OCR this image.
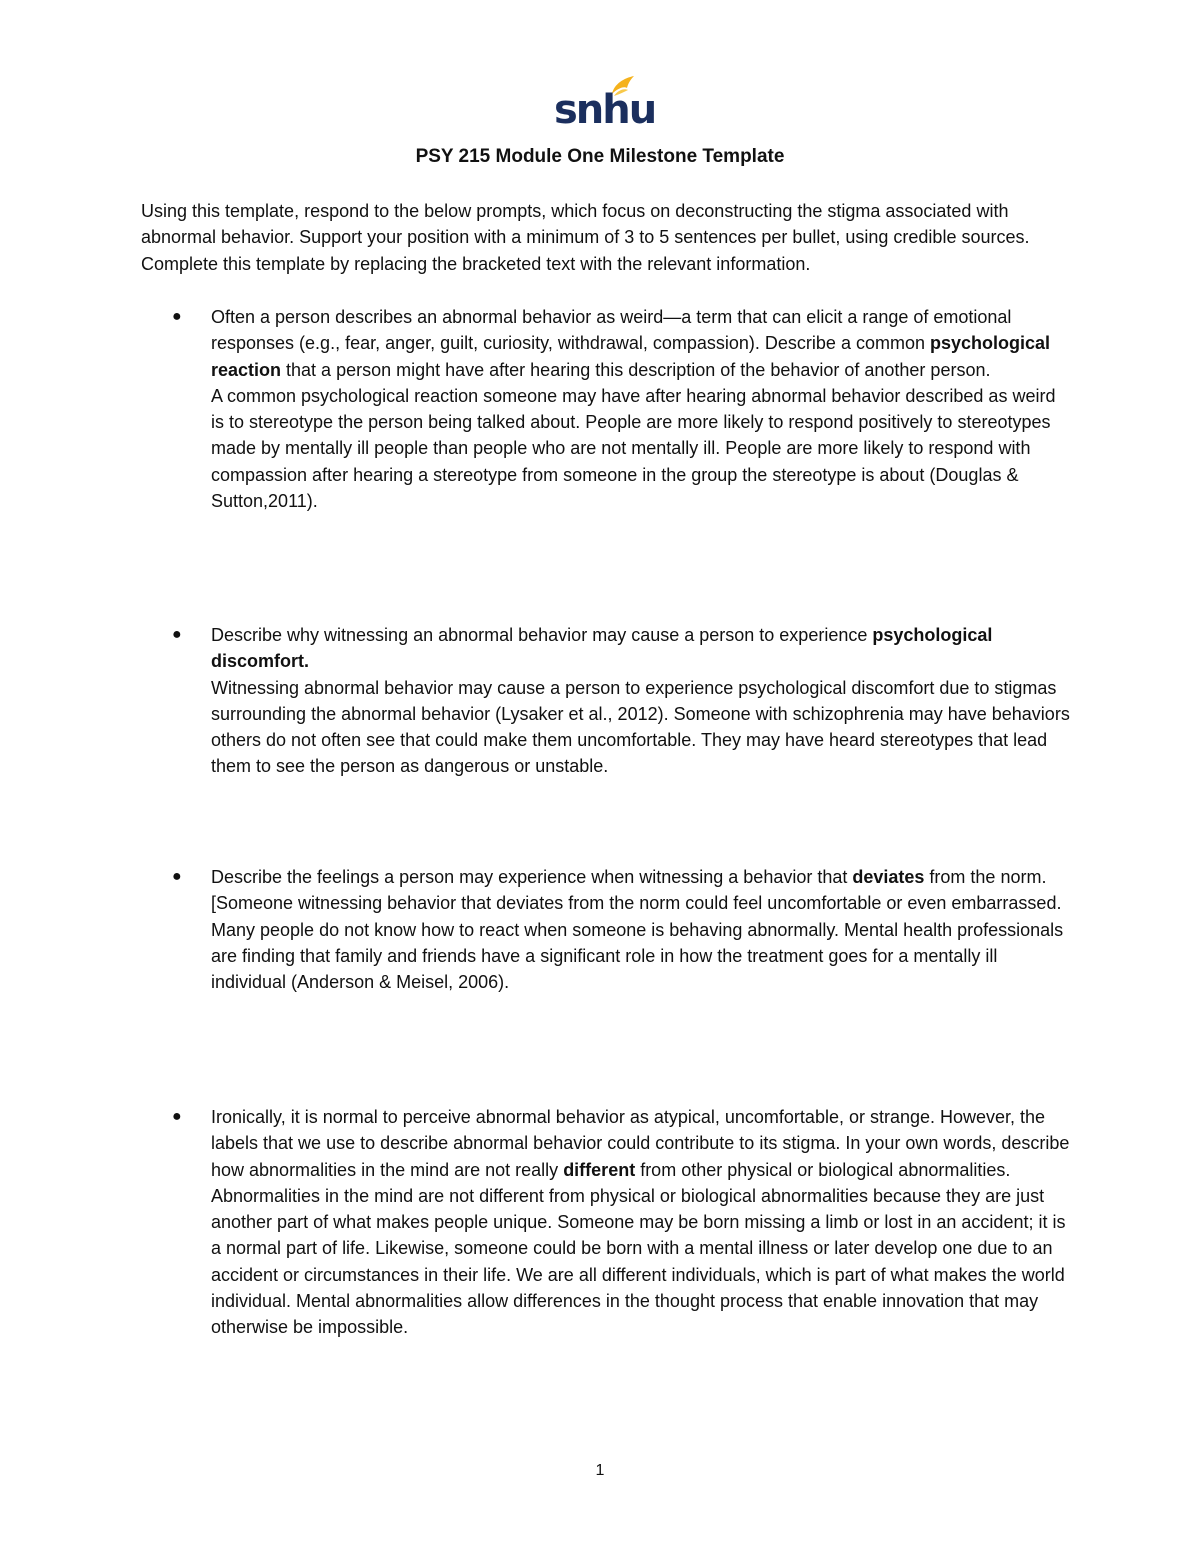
snhu
PSY 215 Module One Milestone Template

Using this template, respond to the below prompts, which focus on deconstructing the stigma associated with abnormal behavior. Support your position with a minimum of 3 to 5 sentences per bullet, using credible sources. Complete this template by replacing the bracketed text with the relevant information.

● Often a person describes an abnormal behavior as weird—a term that can elicit a range of emotional responses (e.g., fear, anger, guilt, curiosity, withdrawal, compassion). Describe a common psychological reaction that a person might have after hearing this description of the behavior of another person.

A common psychological reaction someone may have after hearing abnormal behavior described as weird is to stereotype the person being talked about. People are more likely to respond positively to stereotypes made by mentally ill people than people who are not mentally ill. People are more likely to respond with compassion after hearing a stereotype from someone in the group the stereotype is about (Douglas & Sutton,2011).

● Describe why witnessing an abnormal behavior may cause a person to experience psychological discomfort.

Witnessing abnormal behavior may cause a person to experience psychological discomfort due to stigmas surrounding the abnormal behavior (Lysaker et al., 2012). Someone with schizophrenia may have behaviors others do not often see that could make them uncomfortable. They may have heard stereotypes that lead them to see the person as dangerous or unstable.

● Describe the feelings a person may experience when witnessing a behavior that deviates from the norm.

[Someone witnessing behavior that deviates from the norm could feel uncomfortable or even embarrassed. Many people do not know how to react when someone is behaving abnormally. Mental health professionals are finding that family and friends have a significant role in how the treatment goes for a mentally ill individual (Anderson & Meisel, 2006).

● Ironically, it is normal to perceive abnormal behavior as atypical, uncomfortable, or strange. However, the labels that we use to describe abnormal behavior could contribute to its stigma. In your own words, describe how abnormalities in the mind are not really different from other physical or biological abnormalities.

Abnormalities in the mind are not different from physical or biological abnormalities because they are just another part of what makes people unique. Someone may be born missing a limb or lost in an accident; it is a normal part of life. Likewise, someone could be born with a mental illness or later develop one due to an accident or circumstances in their life. We are all different individuals, which is part of what makes the world individual. Mental abnormalities allow differences in the thought process that enable innovation that may otherwise be impossible.

1
